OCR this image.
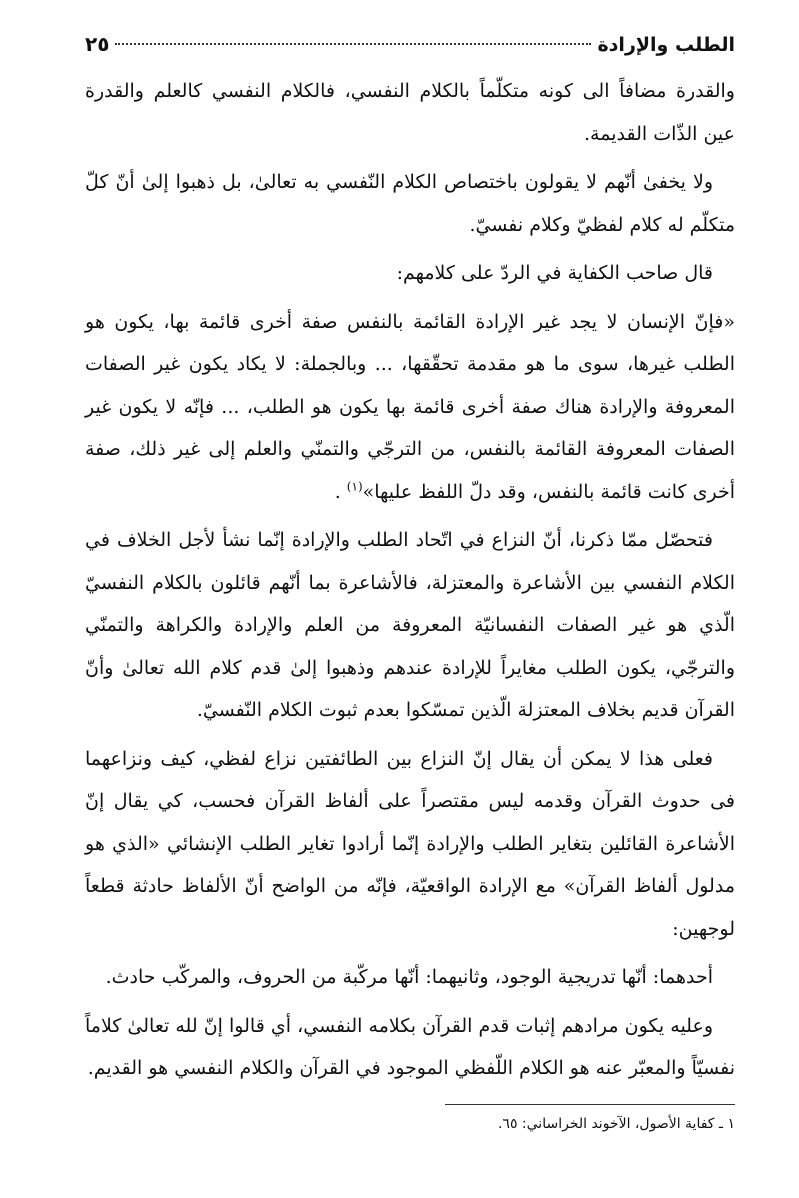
الطلب والإرادة
٢٥

والقدرة مضافاً الى كونه متكلّماً بالكلام النفسي، فالكلام النفسي كالعلم والقدرة عين الذّات القديمة.

ولا يخفىٰ أنّهم لا يقولون باختصاص الكلام النّفسي به تعالىٰ، بل ذهبوا إلىٰ أنّ كلّ متكلّم له كلام لفظيّ وكلام نفسيّ.

قال صاحب الكفاية في الردّ على كلامهم:

«فإنّ الإنسان لا يجد غير الإرادة القائمة بالنفس صفة أخرى قائمة بها، يكون هو الطلب غيرها، سوى ما هو مقدمة تحقّقها، ... وبالجملة: لا يكاد يكون غير الصفات المعروفة والإرادة هناك صفة أخرى قائمة بها يكون هو الطلب، ... فإنّه لا يكون غير الصفات المعروفة القائمة بالنفس، من الترجّي والتمنّي والعلم إلى غير ذلك، صفة أخرى كانت قائمة بالنفس، وقد دلّ اللفظ عليها»$^{(١)}$ .

فتحصّل ممّا ذكرنا، أنّ النزاع في اتّحاد الطلب والإرادة إنّما نشأ لأجل الخلاف في الكلام النفسي بين الأشاعرة والمعتزلة، فالأشاعرة بما أنّهم قائلون بالكلام النفسيّ الّذي هو غير الصفات النفسانيّة المعروفة من العلم والإرادة والكراهة والتمنّي والترجّي، يكون الطلب مغايراً للإرادة عندهم وذهبوا إلىٰ قدم كلام الله تعالىٰ وأنّ القرآن قديم بخلاف المعتزلة الّذين تمسّكوا بعدم ثبوت الكلام النّفسيّ.

فعلى هذا لا يمكن أن يقال إنّ النزاع بين الطائفتين نزاع لفظي، كيف ونزاعهما فى حدوث القرآن وقدمه ليس مقتصراً على ألفاظ القرآن فحسب، كي يقال إنّ الأشاعرة القائلين بتغاير الطلب والإرادة إنّما أرادوا تغاير الطلب الإنشائي «الذي هو مدلول ألفاظ القرآن» مع الإرادة الواقعيّة، فإنّه من الواضح أنّ الألفاظ حادثة قطعاً لوجهين:

أحدهما: أنّها تدريجية الوجود، وثانيهما: أنّها مركّبة من الحروف، والمركّب حادث.

وعليه يكون مرادهم إثبات قدم القرآن بكلامه النفسي، أي قالوا إنّ لله تعالىٰ كلاماً نفسيّاً والمعبّر عنه هو الكلام اللّفظي الموجود في القرآن والكلام النفسي هو القديم.

١ ـ كفاية الأصول، الآخوند الخراساني: ٦٥.
